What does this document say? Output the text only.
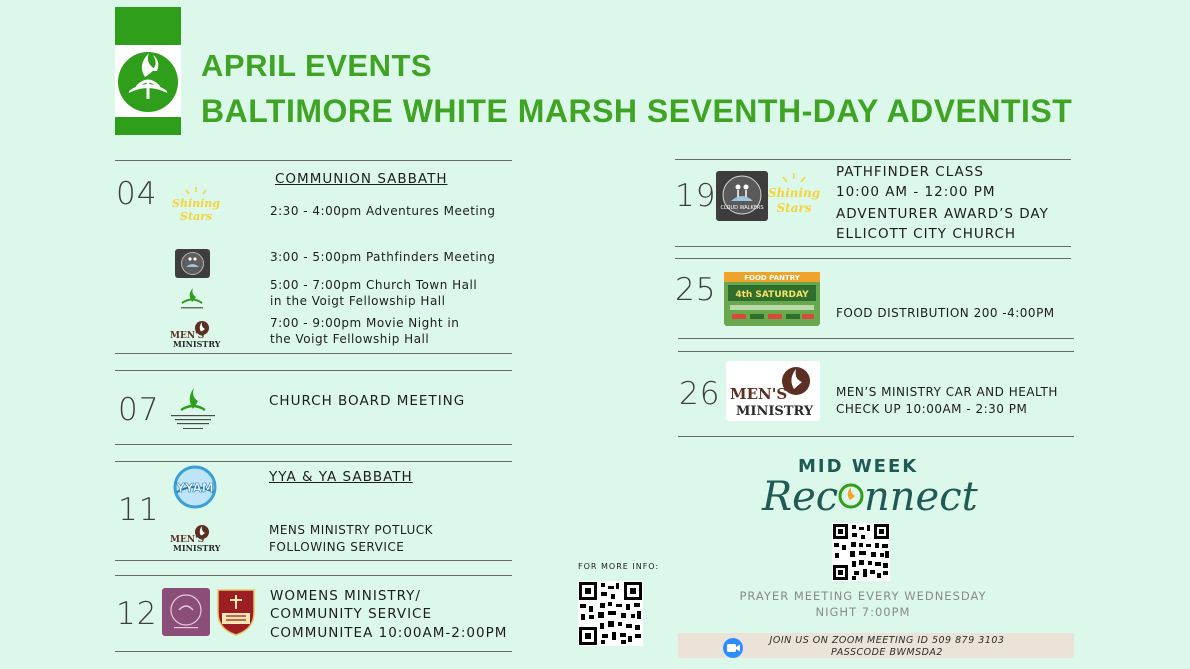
APRIL EVENTS
BALTIMORE WHITE MARSH SEVENTH-DAY ADVENTIST
04	COMMUNION SABBATH
Shining
Stars	2:30 - 4:00pm Adventures Meeting
3:00 - 5:00pm Pathfinders Meeting
5:00 - 7:00pm Church Town Hall
in the Voigt Fellowship Hall
MEN'S
MINISTRY
7:00 - 9:00pm Movie Night in
the Voigt Fellowship Hall
07	CHURCH BOARD MEETING
11
YYAM
YYA & YA SABBATH
MEN'S
MINISTRY
MENS MINISTRY POTLUCK
FOLLOWING SERVICE
12	WOMENS MINISTRY/
COMMUNITY SERVICE
COMMUNITEA 10:00AM-2:00PM
FOR MORE INFO:
19 CLOUD WALKERS
Shining
Stars
PATHFINDER CLASS
10:00 AM - 12:00 PM
ADVENTURER AWARD’S DAY
ELLICOTT CITY CHURCH
25	FOOD PANTRY
4th SATURDAY
FOOD DISTRIBUTION 200 -4:00PM
26 MEN'S
MINISTRY
MEN’S MINISTRY CAR AND HEALTH
CHECK UP 10:00AM - 2:30 PM
MID WEEK
Rec nnect
PRAYER MEETING EVERY WEDNESDAY
NIGHT 7:00PM
JOIN US ON ZOOM MEETING ID 509 879 3103
PASSCODE BWMSDA2
